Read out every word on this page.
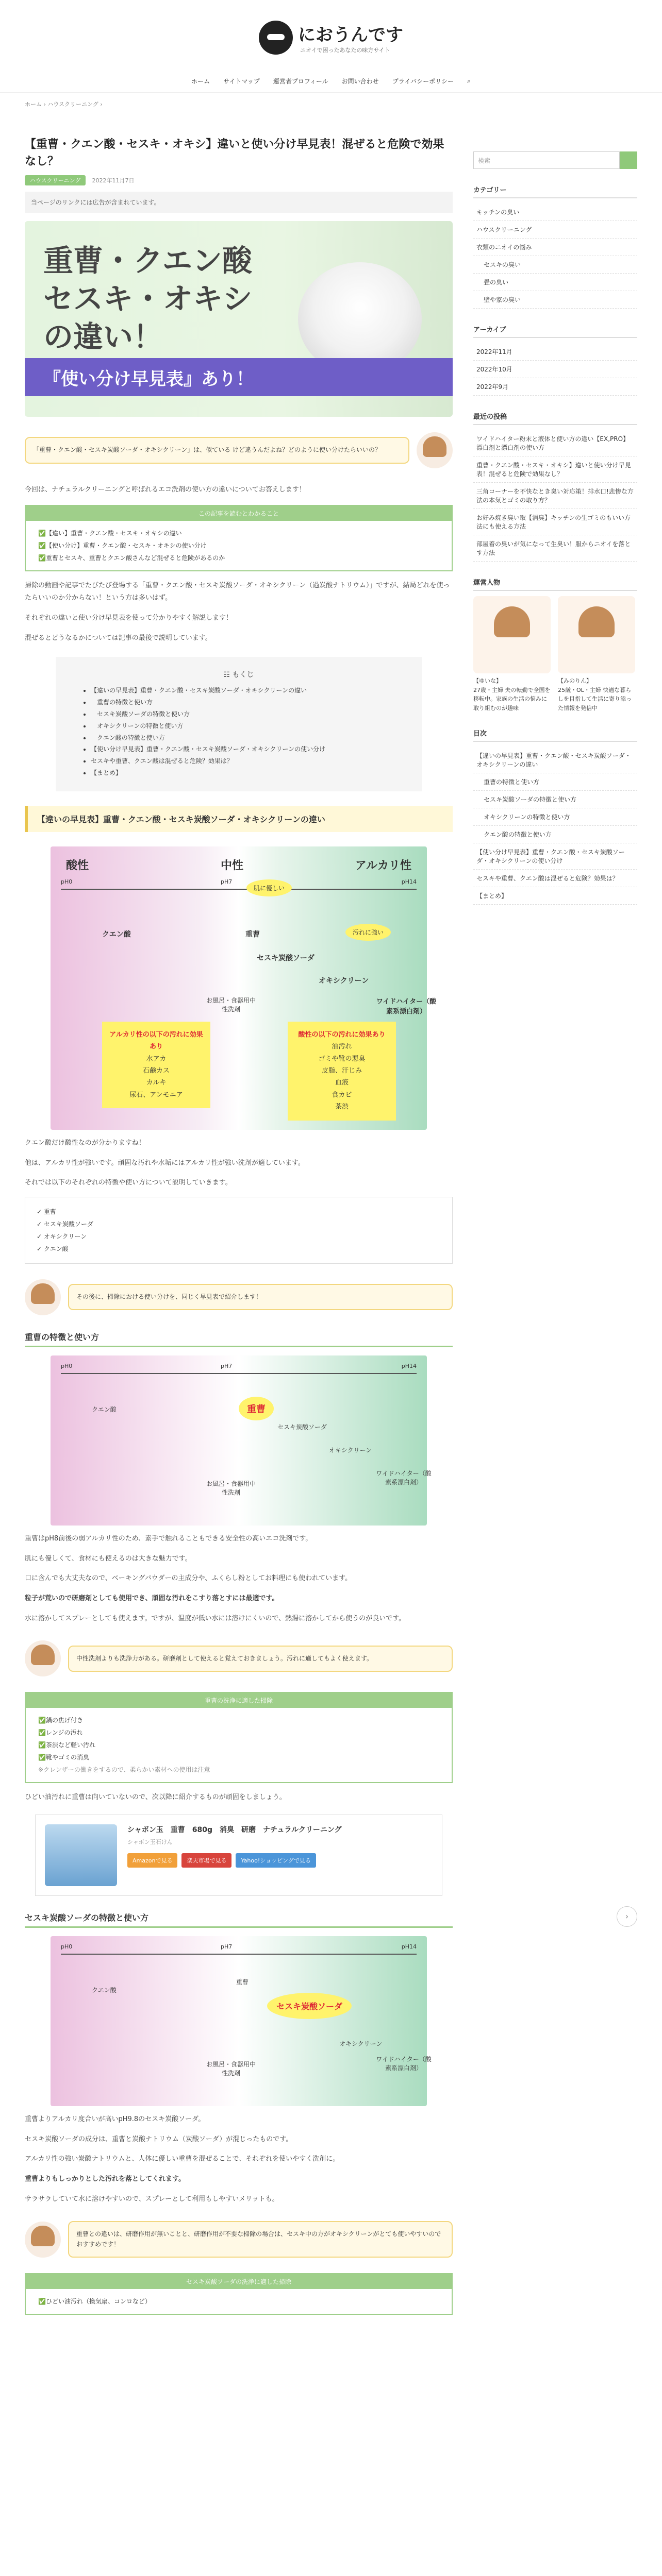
におうんです
ニオイで困ったあなたの味方サイト
ホーム サイトマップ 運営者プロフィール お問い合わせ プライバシーポリシー ⌕
ホーム › ハウスクリーニング ›
【重曹・クエン酸・セスキ・オキシ】違いと使い分け早見表！混ぜると危険で効果なし？
ハウスクリーニング	2022年11月7日
当ページのリンクには広告が含まれています。
重曹・クエン酸
セスキ・オキシ
の違い！
『使い分け早見表』あり！
「重曹・クエン酸・セスキ炭酸ソーダ・オキシクリーン」は、似ている けど違うんだよね？どのように使い分けたらいいの？

今回は、ナチュラルクリーニングと呼ばれるエコ洗剤の使い方の違いについてお答えします！

この記事を読むとわかること
✅【違い】重曹・クエン酸・セスキ・オキシの違い
✅【使い分け】重曹・クエン酸・セスキ・オキシの使い分け
✅重曹とセスキ、重曹とクエン酸さんなど混ぜると危険があるのか

掃除の動画や記事でたびたび登場する「重曹・クエン酸・セスキ炭酸ソーダ・オキシクリーン（過炭酸ナトリウム）」ですが、結局どれを使ったらいいのか分からない！という方は多いはず。

それぞれの違いと使い分け早見表を使って分かりやすく解説します！

混ぜるとどうなるかについては記事の最後で説明しています。

☷ もくじ
• 【違いの早見表】重曹・クエン酸・セスキ炭酸ソーダ・オキシクリーンの違い
• 　重曹の特徴と使い方
• 　セスキ炭酸ソーダの特徴と使い方
• 　オキシクリーンの特徴と使い方
• 　クエン酸の特徴と使い方
• 【使い分け早見表】重曹・クエン酸・セスキ炭酸ソーダ・オキシクリーンの使い分け
• セスキや重曹、クエン酸は混ぜると危険？効果は？
• 【まとめ】
【違いの早見表】重曹・クエン酸・セスキ炭酸ソーダ・オキシクリーンの違い
酸性	中性	アルカリ性
pH0	pH7	pH14
肌に優しい
汚れに強い
クエン酸	重曹
セスキ炭酸ソーダ
オキシクリーン
ワイドハイター（酸素系漂白剤）
お風呂・食器用中性洗剤
アルカリ性の以下の汚れに効果あり
水アカ
石鹸カス
カルキ
尿石、アンモニア
酸性の以下の汚れに効果あり
油汚れ
ゴミや靴の悪臭
皮脂、汗じみ
血液
食カビ
茶渋

クエン酸だけ酸性なのが分かりますね！

他は、アルカリ性が強いです。頑固な汚れや水垢にはアルカリ性が強い洗剤が適しています。

それでは以下のそれぞれの特徴や使い方について説明していきます。

✓ 重曹
✓ セスキ炭酸ソーダ
✓ オキシクリーン
✓ クエン酸
その後に、掃除における使い分けを、同じく早見表で紹介します！
重曹の特徴と使い方
pH0	pH7	pH14
重曹
クエン酸
セスキ炭酸ソーダ
オキシクリーン
ワイドハイター（酸素系漂白剤）
お風呂・食器用中性洗剤

重曹はpH8前後の弱アルカリ性のため、素手で触れることもできる安全性の高いエコ洗剤です。

肌にも優しくて、食材にも使えるのは大きな魅力です。

口に含んでも大丈夫なので、ベーキングパウダーの主成分や、ふくらし粉としてお料理にも使われています。

粒子が荒いので研磨剤としても使用でき、頑固な汚れをこすり落とすには最適です。

水に溶かしてスプレーとしても使えます。ですが、温度が低い水には溶けにくいので、熱湯に溶かしてから使うのが良いです。

中性洗剤よりも洗浄力がある。研磨剤として使えると覚えておきましょう。汚れに適してもよく使えます。
重曹の洗浄に適した掃除
✅鍋の焦げ付き
✅レンジの汚れ
✅茶渋など軽い汚れ
✅靴やゴミの消臭
※クレンザーの働きをするので、柔らかい素材への使用は注意

ひどい油汚れに重曹は向いていないので、次以降に紹介するものが頑固をしましょう。

シャボン玉　重曹　680g　消臭　研磨　ナチュラルクリーニング
シャボン玉石けん
Amazonで見る	楽天市場で見る	Yahoo!ショッピングで見る
セスキ炭酸ソーダの特徴と使い方
pH0	pH7	pH14
セスキ炭酸ソーダ
クエン酸
重曹
オキシクリーン
ワイドハイター（酸素系漂白剤）
お風呂・食器用中性洗剤

重曹よりアルカリ度合いが高いpH9.8のセスキ炭酸ソーダ。

セスキ炭酸ソーダの成分は、重曹と炭酸ナトリウム（炭酸ソーダ）が混じったものです。

アルカリ性の強い炭酸ナトリウムと、人体に優しい重曹を混ぜることで、それぞれを使いやすく洗剤に。

重曹よりもしっかりとした汚れを落としてくれます。

サラサラしていて水に溶けやすいので、スプレーとして利用もしやすいメリットも。

重曹との違いは、研磨作用が無いことと、研磨作用が不要な掃除の場合は、セスキ中の方がオキシクリーンがとても使いやすいのでおすすめです！
セスキ炭酸ソーダの洗浄に適した掃除
✅ひどい油汚れ（換気扇、コンロなど）
検索
カテゴリー
キッチンの臭い
ハウスクリーニング
衣類のニオイの悩み
セスキの臭い
畳の臭い
壁や家の臭い
アーカイブ
2022年11月
2022年10月
2022年9月
最近の投稿
ワイドハイター粉末と液体と使い方の違い【EX,PRO】漂白剤と漂白剤の使い方
重曹・クエン酸・セスキ・オキシ】違いと使い分け早見表！混ぜると危険で効果なし？
三角コーナーを不快なとき臭い対応策！排水口!悲惨な方法の本気とゴミの取り方？
お好み焼き臭い取【消臭】キッチンの生ゴミのもいい方法にも使える方法
部屋着の臭いが気になって生臭い！服からニオイを落とす方法
運営人物
【ゆいな】
27歳・主婦 夫の転勤で全国を移転中。家族の生活の悩みに取り組むのが趣味
【みのりん】
25歳・OL・主婦 快適な暮らしを目指して生活に寄り添った情報を発信中
目次
【違いの早見表】重曹・クエン酸・セスキ炭酸ソーダ・オキシクリーンの違い
重曹の特徴と使い方
セスキ炭酸ソーダの特徴と使い方
オキシクリーンの特徴と使い方
クエン酸の特徴と使い方
【使い分け早見表】重曹・クエン酸・セスキ炭酸ソーダ・オキシクリーンの使い分け
セスキや重曹、クエン酸は混ぜると危険？効果は？
【まとめ】
›
